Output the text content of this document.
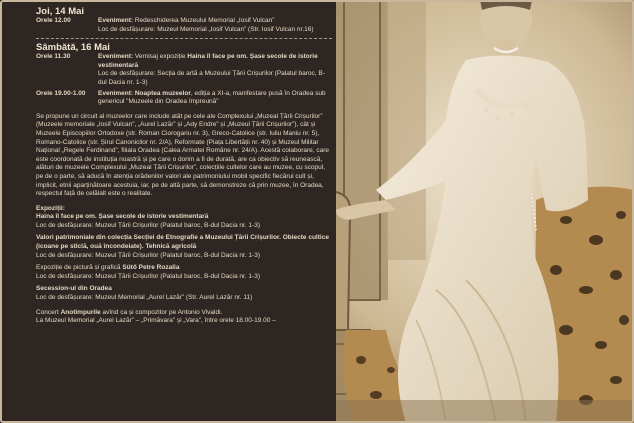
Joi, 14 Mai
Orele 12.00	Eveniment: Redeschiderea Muzeului Memorial „Iosif Vulcan”
Loc de desfășurare: Muzeul Memorial „Iosif Vulcan” (Str. Iosif Vulcan nr.16)
Sâmbătă, 16 Mai
Orele 11.30	Eveniment: Vernisaj expoziție Haina îl face pe om. Șase secole de istorie vestimentară
Loc de desfășurare: Secția de artă a Muzeului Țării Crișurilor (Palatul baroc, B-dul Dacia nr. 1-3)
Orele 19.00-1.00	Eveniment: Noaptea muzeelor, ediția a XI-a, manifestare pusă în Oradea sub genericul "Muzeele din Oradea împreună"
Se propune un circuit al muzeelor care include atât pe cele ale Complexului „Muzeal Țării Crișurilor” (Muzeele memoriale „Iosif Vulcan”, „Aurel Lazăr” și „Ady Endre” și „Muzeul Țării Crișurilor”), cât și Muzeele Episcopiilor Ortodoxe (str. Roman Ciorogariu nr. 3), Greco-Catolice (str. Iuliu Maniu nr. 5), Romano-Catolice (str. Șirul Canonicilor nr. 2/A), Reformate (Piața Libertății nr. 40) și Muzeul Militar Național „Regele Ferdinand”, filiala Oradea (Calea Armatei Române nr. 24/A). Acestă colaborare, care este coordonată de instituția noastră și pe care o dorim a fi de durată, are ca obiectiv să reunească, alături de muzeele Complexului „Muzeal Țării Crișurilor”, colecțiile cultelor care au muzee, cu scopul, pe de o parte, să aducă în atenția orădenilor valori ale patrimoniului mobil specific fiecărui cult și, implicit, etnii aparținătoare acestuia, iar, pe de altă parte, să demonstreze că prin muzee, în Oradea, respectul față de celălalt este o realitate.
Expoziții:
Haina îl face pe om. Șase secole de istorie vestimentară
Loc de desfășurare: Muzeul Țării Crișurilor (Palatul baroc, B-dul Dacia nr. 1-3)
Valori patrimoniale din colecția Secției de Etnografie a Muzeului Țării Crișurilor. Obiecte cultice (icoane pe sticlă, ouă încondeiate). Tehnică agricolă
Loc de desfășurare: Muzeul Țării Crișurilor (Palatul baroc, B-dul Dacia nr. 1-3)
Expoziție de pictură și grafică Sütő Petre Rozalia
Loc de desfășurare: Muzeul Țării Crișurilor (Palatul baroc, B-dul Dacia nr. 1-3)
Secession-ul din Oradea
Loc de desfășurare: Muzeul Memorial „Aurel Lazăr” (Str. Aurel Lazăr nr. 11)
Concert Anotimpurile avînd ca și compozitor pe Antonio Vivaldi.
La Muzeul Memorial „Aurel Lazăr” – „Primăvara” și „Vara”, între orele 18.00-19.00 –
